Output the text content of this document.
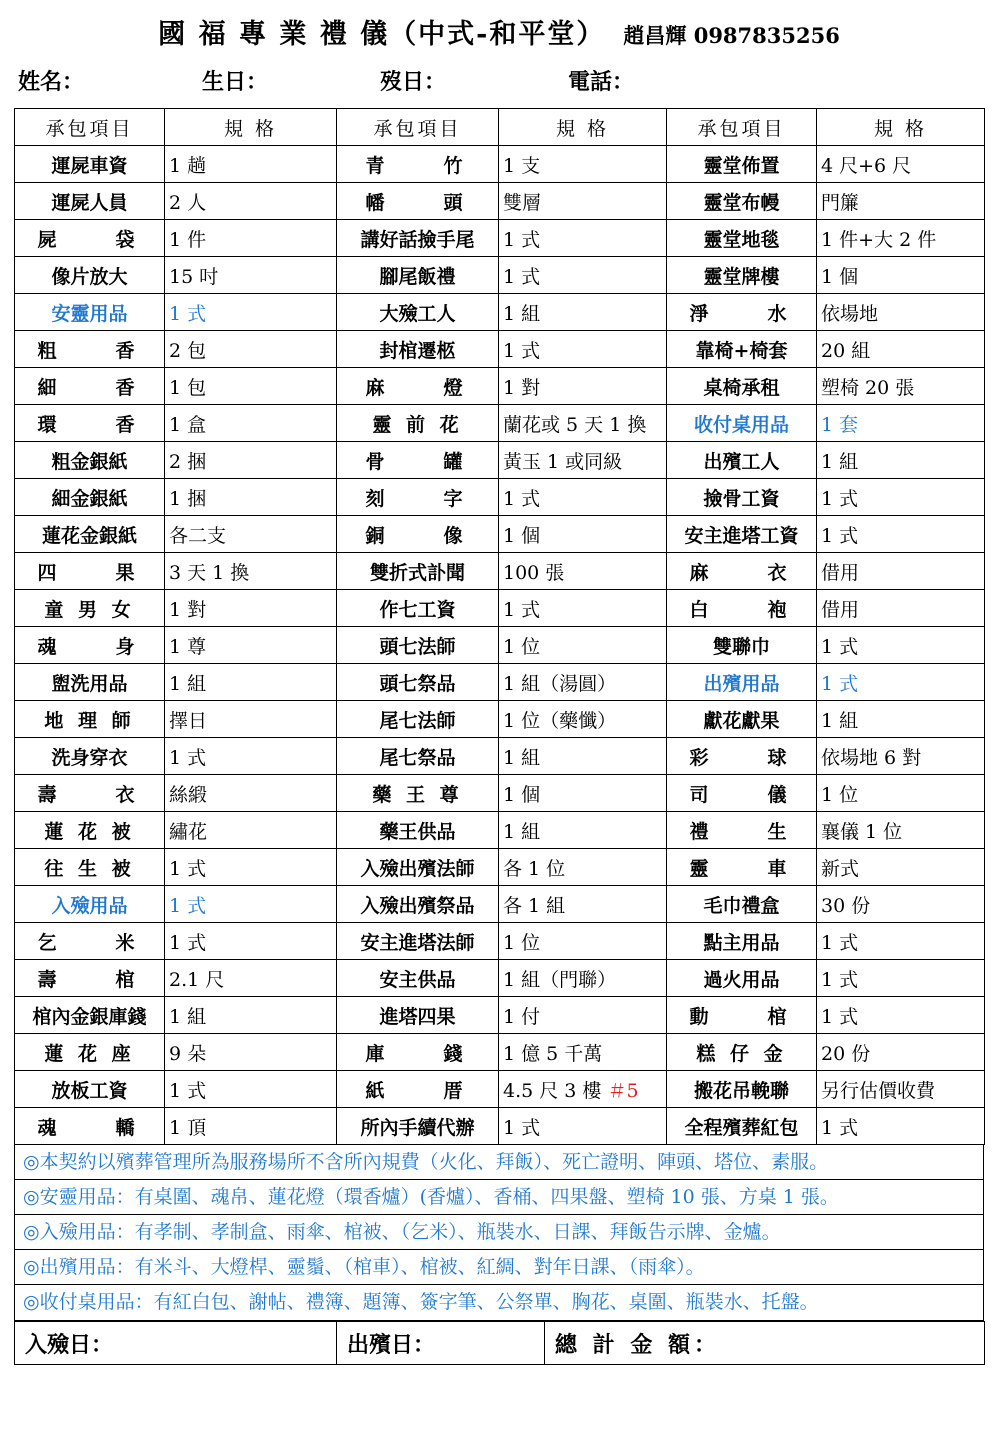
國 福 專 業 禮 儀（中式-和平堂） 趙昌輝 0987835256
姓名：	生日：	歿日：	電話：
承包項目	規 格	承包項目	規 格	承包項目	規 格
運屍車資	1 趟	青　　竹	1 支	靈堂佈置	4 尺+6 尺
運屍人員	2 人	幡　　頭	雙層	靈堂布幔	門簾
屍　　袋	1 件	講好話撿手尾	1 式	靈堂地毯	1 件+大 2 件
像片放大	15 吋	腳尾飯禮	1 式	靈堂牌樓	1 個
安靈用品	1 式	大殮工人	1 組	淨　　水	依場地
粗　　香	2 包	封棺遷柩	1 式	靠椅+椅套	20 組
細　　香	1 包	麻　　燈	1 對	桌椅承租	塑椅 20 張
環　　香	1 盒	靈 前 花	蘭花或 5 天 1 換	收付桌用品	1 套
粗金銀紙	2 捆	骨　　罐	黃玉 1 或同級	出殯工人	1 組
細金銀紙	1 捆	刻　　字	1 式	撿骨工資	1 式
蓮花金銀紙	各二支	銅　　像	1 個	安主進塔工資	1 式
四　　果	3 天 1 換	雙折式訃聞	100 張	麻　　衣	借用
童 男 女	1 對	作七工資	1 式	白　　袍	借用
魂　　身	1 尊	頭七法師	1 位	雙聯巾	1 式
盥洗用品	1 組	頭七祭品	1 組（湯圓）	出殯用品	1 式
地 理 師	擇日	尾七法師	1 位（藥懺）	獻花獻果	1 組
洗身穿衣	1 式	尾七祭品	1 組	彩　　球	依場地 6 對
壽　　衣	絲緞	藥 王 尊	1 個	司　　儀	1 位
蓮 花 被	繡花	藥王供品	1 組	禮　　生	襄儀 1 位
往 生 被	1 式	入殮出殯法師	各 1 位	靈　　車	新式
入殮用品	1 式	入殮出殯祭品	各 1 組	毛巾禮盒	30 份
乞　　米	1 式	安主進塔法師	1 位	點主用品	1 式
壽　　棺	2.1 尺	安主供品	1 組（門聯）	過火用品	1 式
棺內金銀庫錢	1 組	進塔四果	1 付	動　　棺	1 式
蓮 花 座	9 朵	庫　　錢	1 億 5 千萬	糕 仔 金	20 份
放板工資	1 式	紙　　厝	4.5 尺 3 樓 ＃5	搬花吊輓聯	另行估價收費
魂　　轎	1 頂	所內手續代辦	1 式	全程殯葬紅包	1 式
◎本契約以殯葬管理所為服務場所不含所內規費（火化、拜飯）、死亡證明、陣頭、塔位、素服。
◎安靈用品：有桌圍、魂帛、蓮花燈（環香爐）(香爐）、香桶、四果盤、塑椅 10 張、方桌 1 張。
◎入殮用品：有孝制、孝制盒、雨傘、棺被、（乞米）、瓶裝水、日課、拜飯告示牌、金爐。
◎出殯用品：有米斗、大燈桿、靈鬚、（棺車）、棺被、紅綢、對年日課、（雨傘）。
◎收付桌用品：有紅白包、謝帖、禮簿、題簿、簽字筆、公祭單、胸花、桌圍、瓶裝水、托盤。
入殮日：	出殯日：	總 計 金 額：
